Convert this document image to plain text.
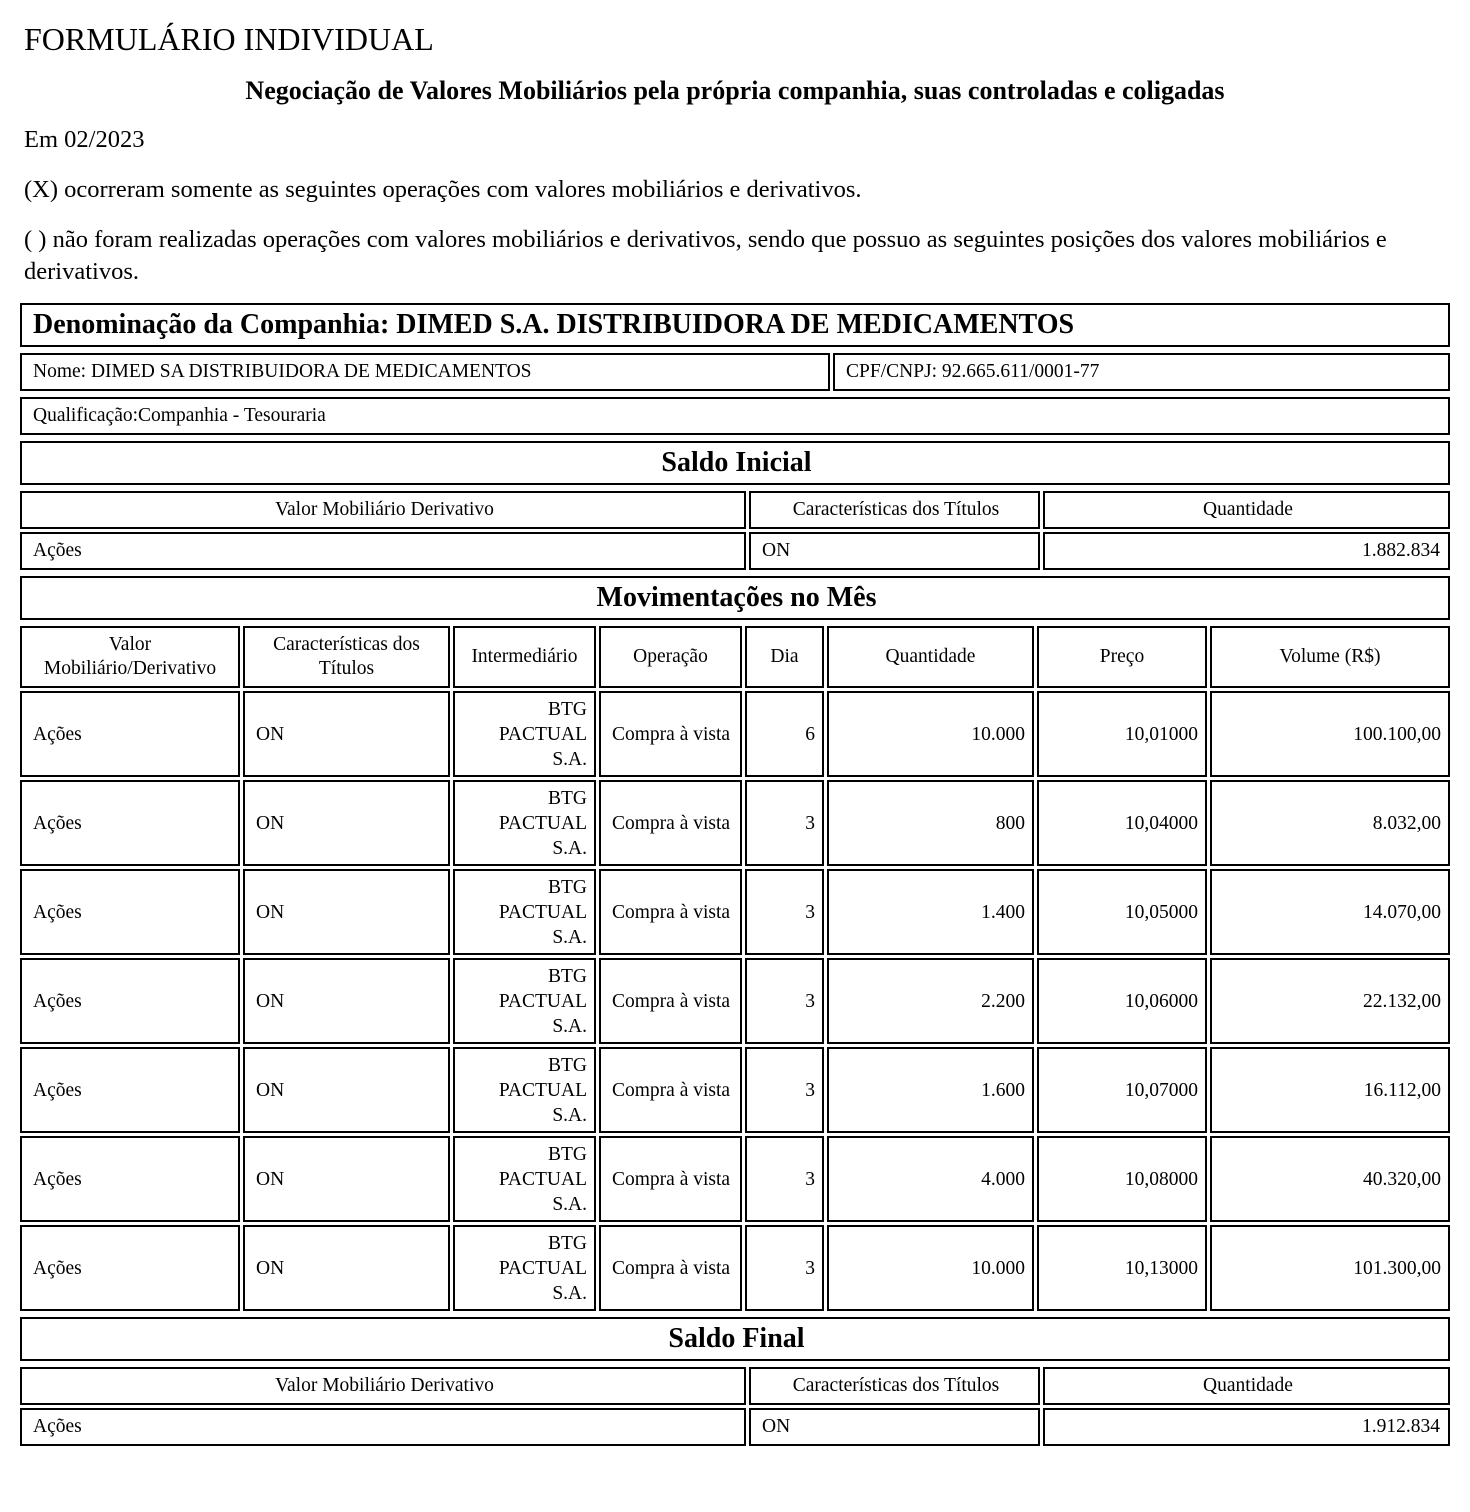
FORMULÁRIO INDIVIDUAL
Negociação de Valores Mobiliários pela própria companhia, suas controladas e coligadas

Em 02/2023

(X) ocorreram somente as seguintes operações com valores mobiliários e derivativos.

( ) não foram realizadas operações com valores mobiliários e derivativos, sendo que possuo as seguintes posições dos valores mobiliários e derivativos.

Denominação da Companhia: DIMED S.A. DISTRIBUIDORA DE MEDICAMENTOS
Nome: DIMED SA DISTRIBUIDORA DE MEDICAMENTOS	CPF/CNPJ: 92.665.611/0001-77
Qualificação:Companhia - Tesouraria
Saldo Inicial
Valor Mobiliário Derivativo	Características dos Títulos	Quantidade
Ações	ON	1.882.834
Movimentações no Mês
Valor Mobiliário/Derivativo	Características dos Títulos	Intermediário	Operação	Dia	Quantidade	Preço	Volume (R$)
Ações	ON	BTG PACTUAL S.A.	Compra à vista	6	10.000	10,01000	100.100,00
Ações	ON	BTG PACTUAL S.A.	Compra à vista	3	800	10,04000	8.032,00
Ações	ON	BTG PACTUAL S.A.	Compra à vista	3	1.400	10,05000	14.070,00
Ações	ON	BTG PACTUAL S.A.	Compra à vista	3	2.200	10,06000	22.132,00
Ações	ON	BTG PACTUAL S.A.	Compra à vista	3	1.600	10,07000	16.112,00
Ações	ON	BTG PACTUAL S.A.	Compra à vista	3	4.000	10,08000	40.320,00
Ações	ON	BTG PACTUAL S.A.	Compra à vista	3	10.000	10,13000	101.300,00
Saldo Final
Valor Mobiliário Derivativo	Características dos Títulos	Quantidade
Ações	ON	1.912.834
